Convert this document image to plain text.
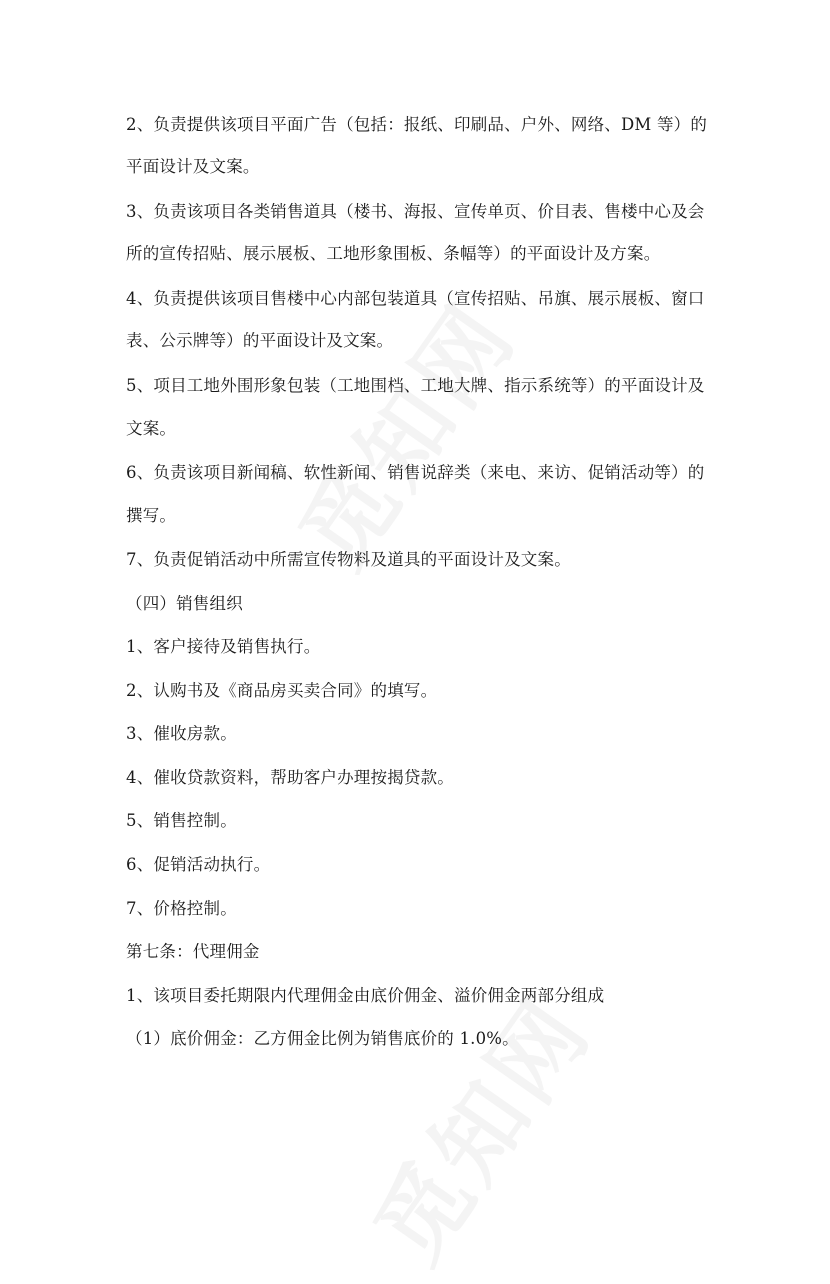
2、负责提供该项目平面广告（包括：报纸、印刷品、户外、网络、DM 等）的
平面设计及文案。
3、负责该项目各类销售道具（楼书、海报、宣传单页、价目表、售楼中心及会
所的宣传招贴、展示展板、工地形象围板、条幅等）的平面设计及方案。
4、负责提供该项目售楼中心内部包装道具（宣传招贴、吊旗、展示展板、窗口
表、公示牌等）的平面设计及文案。
5、项目工地外围形象包装（工地围档、工地大牌、指示系统等）的平面设计及
文案。
6、负责该项目新闻稿、软性新闻、销售说辞类（来电、来访、促销活动等）的
撰写。
7、负责促销活动中所需宣传物料及道具的平面设计及文案。
（四）销售组织
1、客户接待及销售执行。
2、认购书及《商品房买卖合同》的填写。
3、催收房款。
4、催收贷款资料，帮助客户办理按揭贷款。
5、销售控制。
6、促销活动执行。
7、价格控制。
第七条：代理佣金
1、该项目委托期限内代理佣金由底价佣金、溢价佣金两部分组成
（1）底价佣金：乙方佣金比例为销售底价的 1.0%。
